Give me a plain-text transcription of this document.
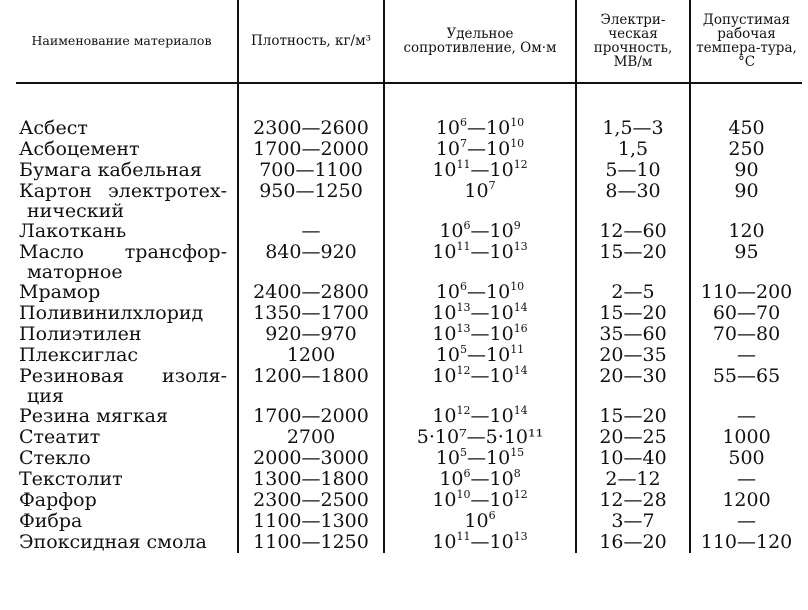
Наименование материалов	Плотность, кг/м³	Удельное сопротивление, Ом·м	Электри-ческая прочность, МВ/м	Допустимая рабочая темпера-тура, °С

Асбест	2300—2600	$10^6—10^{10}$	1,5—3	450
Асбоцемент	1700—2000	$10^7—10^{10}$	1,5	250
Бумага кабельная	700—1100	$10^{11}—10^{12}$	5—10	90

Картон электротех-
нический	950—1250	$10^7$	8—30	90
Лакоткань	—	$10^6—10^9$	12—60	120

Масло трансфор-
маторное	840—920	$10^{11}—10^{13}$	15—20	95
Мрамор	2400—2800	$10^6—10^{10}$	2—5	110—200
Поливинилхлорид	1350—1700	$10^{13}—10^{14}$	15—20	60—70
Полиэтилен	920—970	$10^{13}—10^{16}$	35—60	70—80
Плексиглас	1200	$10^5—10^{11}$	20—35	—

Резиновая изоля-
ция	1200—1800	$10^{12}—10^{14}$	20—30	55—65
Резина мягкая	1700—2000	$10^{12}—10^{14}$	15—20	—
Стеатит	2700	5·10⁷—5·10¹¹	20—25	1000
Стекло	2000—3000	$10^5—10^{15}$	10—40	500
Текстолит	1300—1800	$10^6—10^8$	2—12	—
Фарфор	2300—2500	$10^{10}—10^{12}$	12—28	1200
Фибра	1100—1300	$10^6$	3—7	—
Эпоксидная смола	1100—1250	$10^{11}—10^{13}$	16—20	110—120
